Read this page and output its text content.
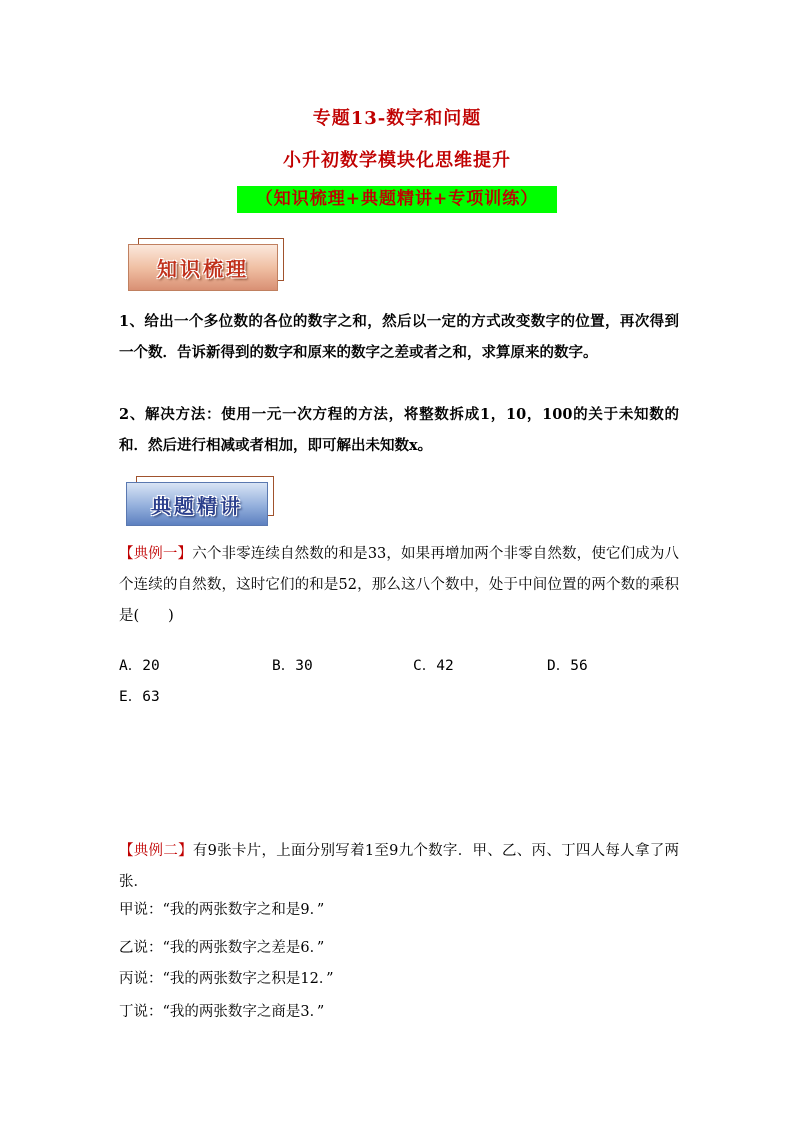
专题13-数字和问题
小升初数学模块化思维提升
（知识梳理+典题精讲+专项训练）
知识梳理
1、给出一个多位数的各位的数字之和，然后以一定的方式改变数字的位置，再次得到一个数．告诉新得到的数字和原来的数字之差或者之和，求算原来的数字。
2、解决方法：使用一元一次方程的方法，将整数拆成1，10，100的关于未知数的和．然后进行相减或者相加，即可解出未知数x。
典题精讲
【典例一】六个非零连续自然数的和是33，如果再增加两个非零自然数，使它们成为八个连续的自然数，这时它们的和是52，那么这八个数中，处于中间位置的两个数的乘积是(　　)
A．20	B．30	C．42	D．56
E．63
【典例二】有9张卡片，上面分别写着1至9九个数字．甲、乙、丙、丁四人每人拿了两张．
甲说：“我的两张数字之和是9．”
乙说：“我的两张数字之差是6．”
丙说：“我的两张数字之积是12．”
丁说：“我的两张数字之商是3．”
